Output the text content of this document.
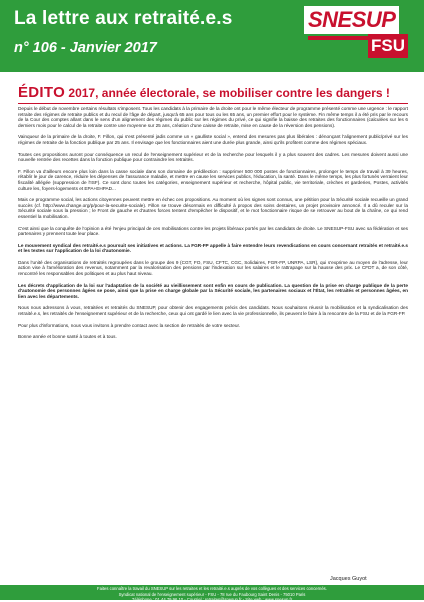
La lettre aux retraité.e.s
n° 106 - Janvier 2017
SNESUP
FSU
ÉDITO 2017, année électorale, se mobiliser contre les dangers !

Depuis le début de novembre certains résultats s'imposent. Tous les candidats à la primaire de la droite ont pour le même électeur de programme présenté comme une urgence : le rapport retraite des régimes de retraite publics et du recul de l'âge de départ, jusqu'à 65 ans pour tous ou les 65 ans, un premier effort pour le système. Fin même temps il a été pris par le recours de la Cour des comptes allant dans le sens d'un alignement des régimes du public sur les régimes du privé, ce qui signifie la baisse des retraites des fonctionnaires (calculées sur les 6 derniers mois pour le calcul de la retraite contre une moyenne sur 25 ans, création d'une caisse de retraite, mise en cause de la réversion des pensions).

Vainqueur de la primaire de la droite, F. Fillon, qui s'est présenté jadis comme un « gaulliste social », entend des mesures pas plus libérales : dénonçant l'alignement public/privé sur les régimes de retraite de la fonction publique par 25 ans. Il envisage que les fonctionnaires aient une durée plus grande, ainsi qu'ils profitent comme des régimes spéciaux.

Toutes ces propositions auront pour conséquence un recul de l'enseignement supérieur et de la recherche pour lesquels il y a plus souvent des cadres. Les mesures doivent aussi une nouvelle rentrée des recettes dans la fonction publique pour contraindre les retraités.

F. Fillon va d'ailleurs encore plus loin dans la casse sociale dans son domaine de prédilection : supprimer 500 000 postes de fonctionnaires, prolonger le temps de travail à 39 heures, rétablir le jour de carence, réduire les dépenses de l'assurance maladie, et mettre en cause les services publics, l'éducation, la santé. Dans le même temps, les plus fortunés verraient leur fiscalité allégée (suppression de l'ISF). Ce sont donc toutes les catégories, enseignement supérieur et recherche, hôpital public, vie territoriale, crèches et garderies, Postes, activités culture les, foyers-logements et EPA+EHPAD...

Mais ce programme social, les actions citoyennes peuvent mettre en échec ces propositions. Au moment où les signes sont connus, une pétition pour la Sécurité sociale recueille un grand succès (cf. http://www.change.org/p/pour-la-securite-sociale). Fillon se trouve désormais en difficulté à propos des soins dentaires, un projet provisoire annoncé. Il a dû reculer sur la Sécurité sociale sous la pression ; le Front de gauche et d'autres forces tentent d'empêcher le dispositif, et le mot fonctionnaire risque de se retrouver au bout de la chaîne, ce qui rend essentiel la mobilisation.

C'est ainsi que la conquête de l'opinion a été l'enjeu principal de ces mobilisations contre les projets libéraux portés par les candidats de droite. Le SNESUP-FSU avec sa fédération et ses partenaires y prennent toute leur place.

Le mouvement syndical des retraité.e.s poursuit ses initiatives et actions. La FGR-FP appelle à faire entendre leurs revendications en cours concernant retraités et retraité.e.s et les textes sur l'application de la loi d'autonomie.

Dans l'unité des organisations de retraités regroupées dans le groupe des 9 (CGT, FO, FSU, CFTC, CGC, Solidaires, FGR-FP, UNRPA, LSR), qui s'exprime au moyen de l'adresse, leur action vise à l'amélioration des revenus, notamment par la revalorisation des pensions par l'indexation sur les salaires et le rattrapage sur la hausse des prix. Le CFDT a, de son côté, rencontré les responsables des politiques et au plus haut niveau.

Les décrets d'application de la loi sur l'adaptation de la société au vieillissement sont enfin en cours de publication. La question de la prise en charge publique de la perte d'autonomie des personnes âgées se pose, ainsi que la prise en charge globale par la Sécurité sociale, les partenaires sociaux et l'État, les retraités et personnes âgées, en lien avec les départements.

Nous nous adressons à vous, retraitées et retraités du SNESUP, pour obtenir des engagements précis des candidats. Nous souhaitons réussir la mobilisation et la syndicalisation des retraité.e.s, les retraités de l'enseignement supérieur et de la recherche, ceux qui ont gardé le lien avec la vie professionnelle, ils peuvent le faire à la rencontre de la FSU et de la FGR-FP.

Pour plus d'informations, nous vous invitons à prendre contact avec la section de retraités de votre secteur.

Bonne année et bonne santé à toutes et à tous.

Jacques Guyot
Faites connaître la travail du SNESUP sur les retraites et les retraité.e.s auprès de vos collègues et des services concernés.
Syndicat national de l'enseignement supérieur - FSU - 78 rue du Faubourg Saint Denis - 75010 Paris
Téléphone : 01.44.79.96.10 - Courriel : retraites@snesup.fr - Site web : www.snesup.fr
